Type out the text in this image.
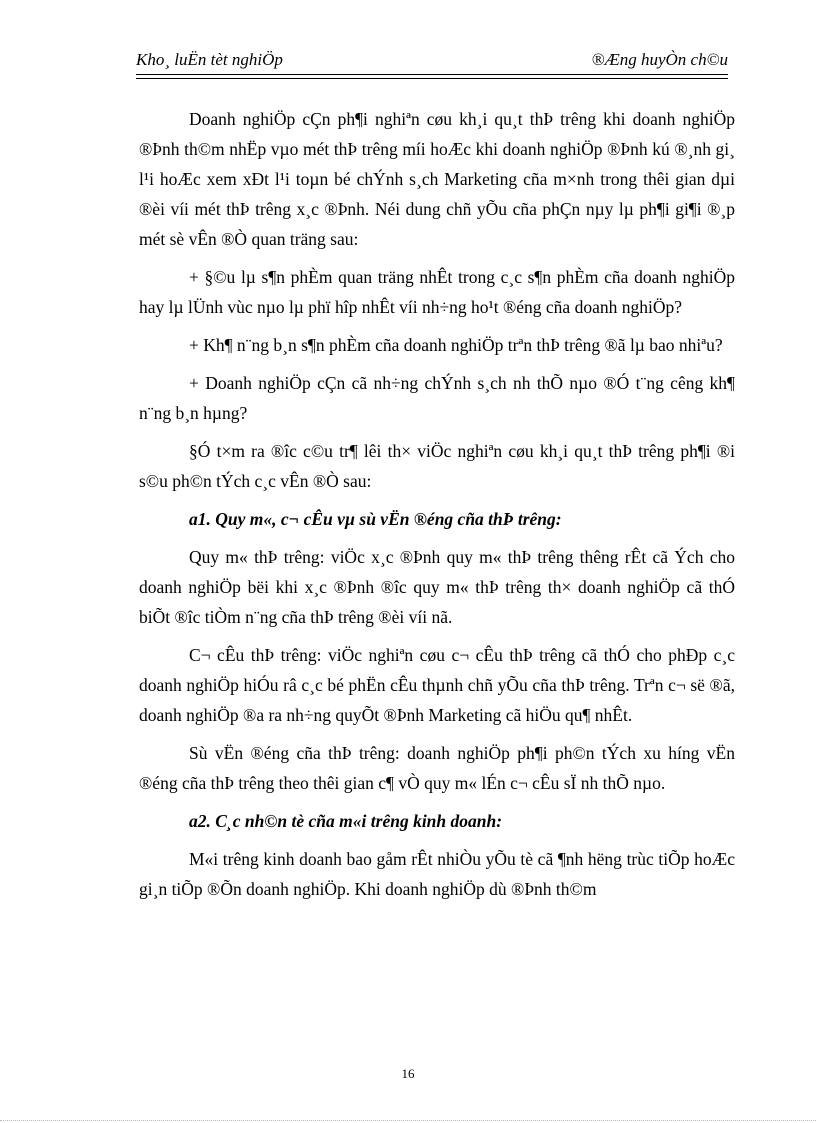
Kho¸ luËn tèt nghiÖp	®Æng huyÒn ch©u

Doanh nghiÖp cÇn ph¶i nghiªn cøu kh¸i qu¸t thÞ trêng khi doanh nghiÖp ®Þnh th©m nhËp vµo mét thÞ trêng míi hoÆc khi doanh nghiÖp ®Þnh kú ®¸nh gi¸ l¹i hoÆc xem xÐt l¹i toµn bé chÝnh s¸ch Marketing cña m×nh trong thêi gian dµi ®èi víi mét thÞ trêng x¸c ®Þnh. Néi dung chñ yÕu cña phÇn nµy lµ ph¶i gi¶i ®¸p mét sè vÊn ®Ò quan träng sau:

+ §©u lµ s¶n phÈm quan träng nhÊt trong c¸c s¶n phÈm cña doanh nghiÖp hay lµ lÜnh vùc nµo lµ phï hîp nhÊt víi nh÷ng ho¹t ®éng cña doanh nghiÖp?

+ Kh¶ n¨ng b¸n s¶n phÈm cña doanh nghiÖp trªn thÞ trêng ®ã lµ bao nhiªu?

+ Doanh nghiÖp cÇn cã nh÷ng chÝnh s¸ch nh thÕ nµo ®Ó t¨ng cêng kh¶ n¨ng b¸n hµng?

§Ó t×m ra ®îc c©u tr¶ lêi th× viÖc nghiªn cøu kh¸i qu¸t thÞ trêng ph¶i ®i s©u ph©n tÝch c¸c vÊn ®Ò sau:

a1. Quy m«, c¬ cÊu vµ sù vËn ®éng cña thÞ trêng:

Quy m« thÞ trêng: viÖc x¸c ®Þnh quy m« thÞ trêng thêng rÊt cã Ých cho doanh nghiÖp bëi khi x¸c ®Þnh ®îc quy m« thÞ trêng th× doanh nghiÖp cã thÓ biÕt ®îc tiÒm n¨ng cña thÞ trêng ®èi víi nã.

C¬ cÊu thÞ trêng: viÖc nghiªn cøu c¬ cÊu thÞ trêng cã thÓ cho phÐp c¸c doanh nghiÖp hiÓu râ c¸c bé phËn cÊu thµnh chñ yÕu cña thÞ trêng. Trªn c¬ së ®ã, doanh nghiÖp ®a ra nh÷ng quyÕt ®Þnh Marketing cã hiÖu qu¶ nhÊt.

Sù vËn ®éng cña thÞ trêng: doanh nghiÖp ph¶i ph©n tÝch xu híng vËn ®éng cña thÞ trêng theo thêi gian c¶ vÒ quy m« lÉn c¬ cÊu sÏ nh thÕ nµo.

a2. C¸c nh©n tè cña m«i trêng kinh doanh:

M«i trêng kinh doanh bao gåm rÊt nhiÒu yÕu tè cã ¶nh hëng trùc tiÕp hoÆc gi¸n tiÕp ®Õn doanh nghiÖp. Khi doanh nghiÖp dù ®Þnh th©m

16
